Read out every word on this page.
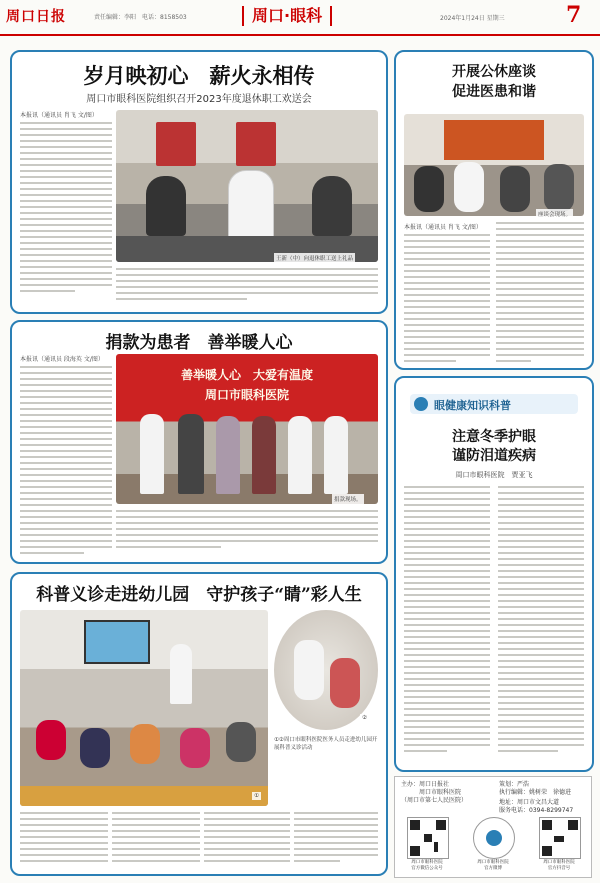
周口日报	责任编辑：李阳　电话：8158503	周口·眼科	2024年1月24日 星期三	7
岁月映初心　薪火永相传
周口市眼科医院组织召开2023年度退休职工欢送会
本报讯（通讯员 肖飞 文/图）
王新（中）向退休职工送上礼品
捐款为患者　善举暖人心
本报讯（通讯员 段海英 文/图）
善举暖人心　大爱有温度
周口市眼科医院
捐款现场。
科普义诊走进幼儿园　守护孩子“睛”彩人生
①
②
①②周口市眼科医院医务人员走进幼儿园开展科普义诊活动
开展公休座谈
促进医患和谐
座谈会现场。
本报讯（通讯员 肖飞 文/图）
眼健康知识科普
注意冬季护眼
谨防泪道疾病
周口市眼科医院　贾亚飞
主办：周口日报社
　　　周口市眼科医院
（周口市第七人民医院）
策划：严浩
执行编辑：姚树荣　徐德进
地址：周口市文昌大道
服务电话：0394-8299747
周口市眼科医院
官方微信公众号
周口市眼科医院
官方微博
周口市眼科医院
官方抖音号
